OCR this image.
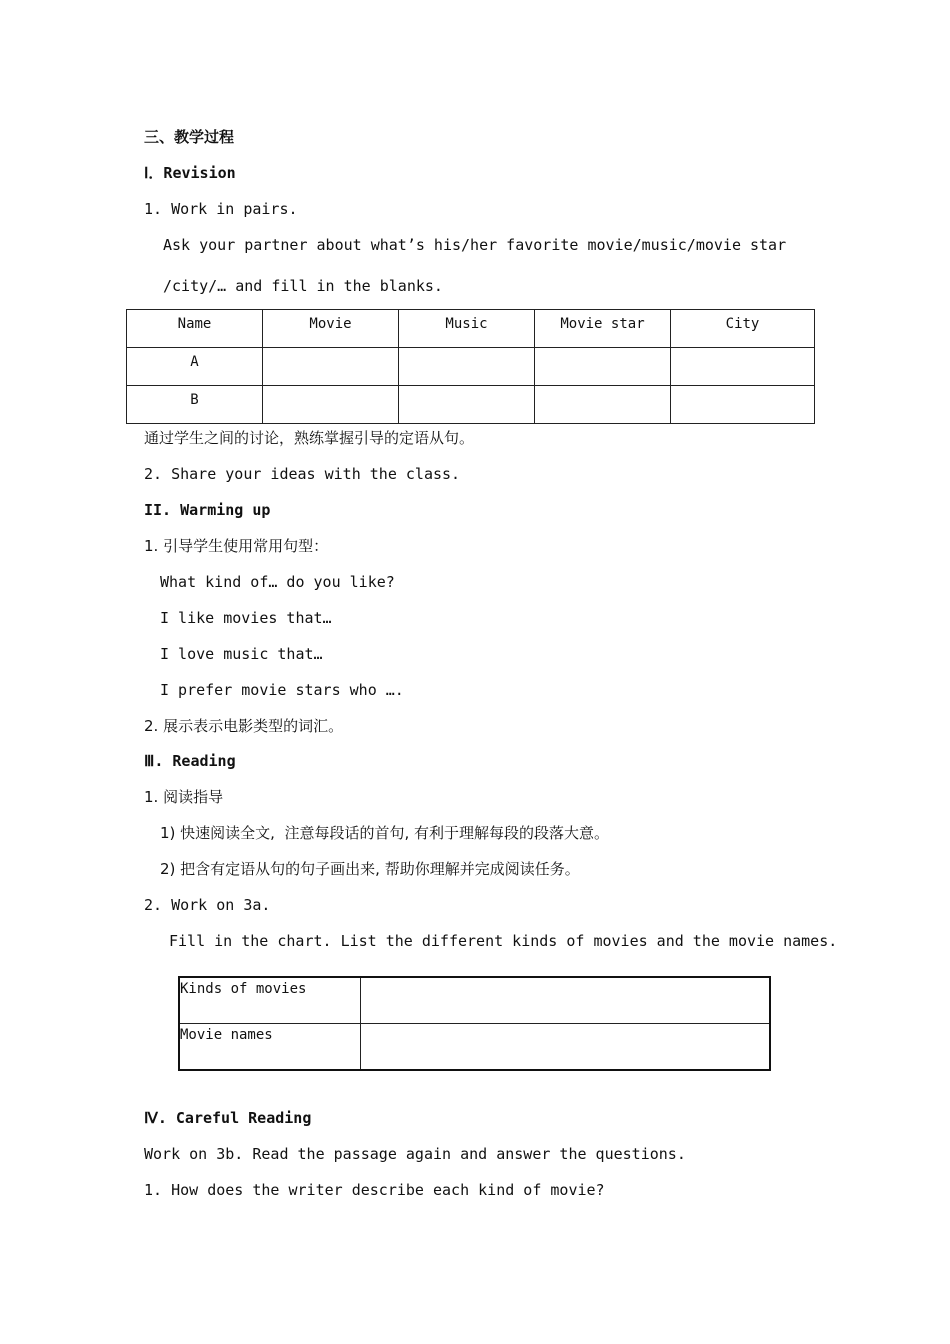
三、教学过程
Ⅰ．Revision
1. Work in pairs.
Ask your partner about what’s his/her favorite movie/music/movie star
/city/… and fill in the blanks.
Name	Movie	Music	Movie star	City
A				
B				
通过学生之间的讨论，熟练掌握引导的定语从句。
2. Share your ideas with the class.
II. Warming up
1. 引导学生使用常用句型：
What kind of… do you like?
I like movies that…
I love music that…
I prefer movie stars who ….
2. 展示表示电影类型的词汇。
Ⅲ. Reading
1. 阅读指导
1) 快速阅读全文,  注意每段话的首句, 有利于理解每段的段落大意。
2) 把含有定语从句的句子画出来, 帮助你理解并完成阅读任务。
2. Work on 3a.
Fill in the chart. List the different kinds of movies and the movie names.
Kinds of movies	
Movie names	
Ⅳ. Careful Reading
Work on 3b. Read the passage again and answer the questions.
1. How does the writer describe each kind of movie?
